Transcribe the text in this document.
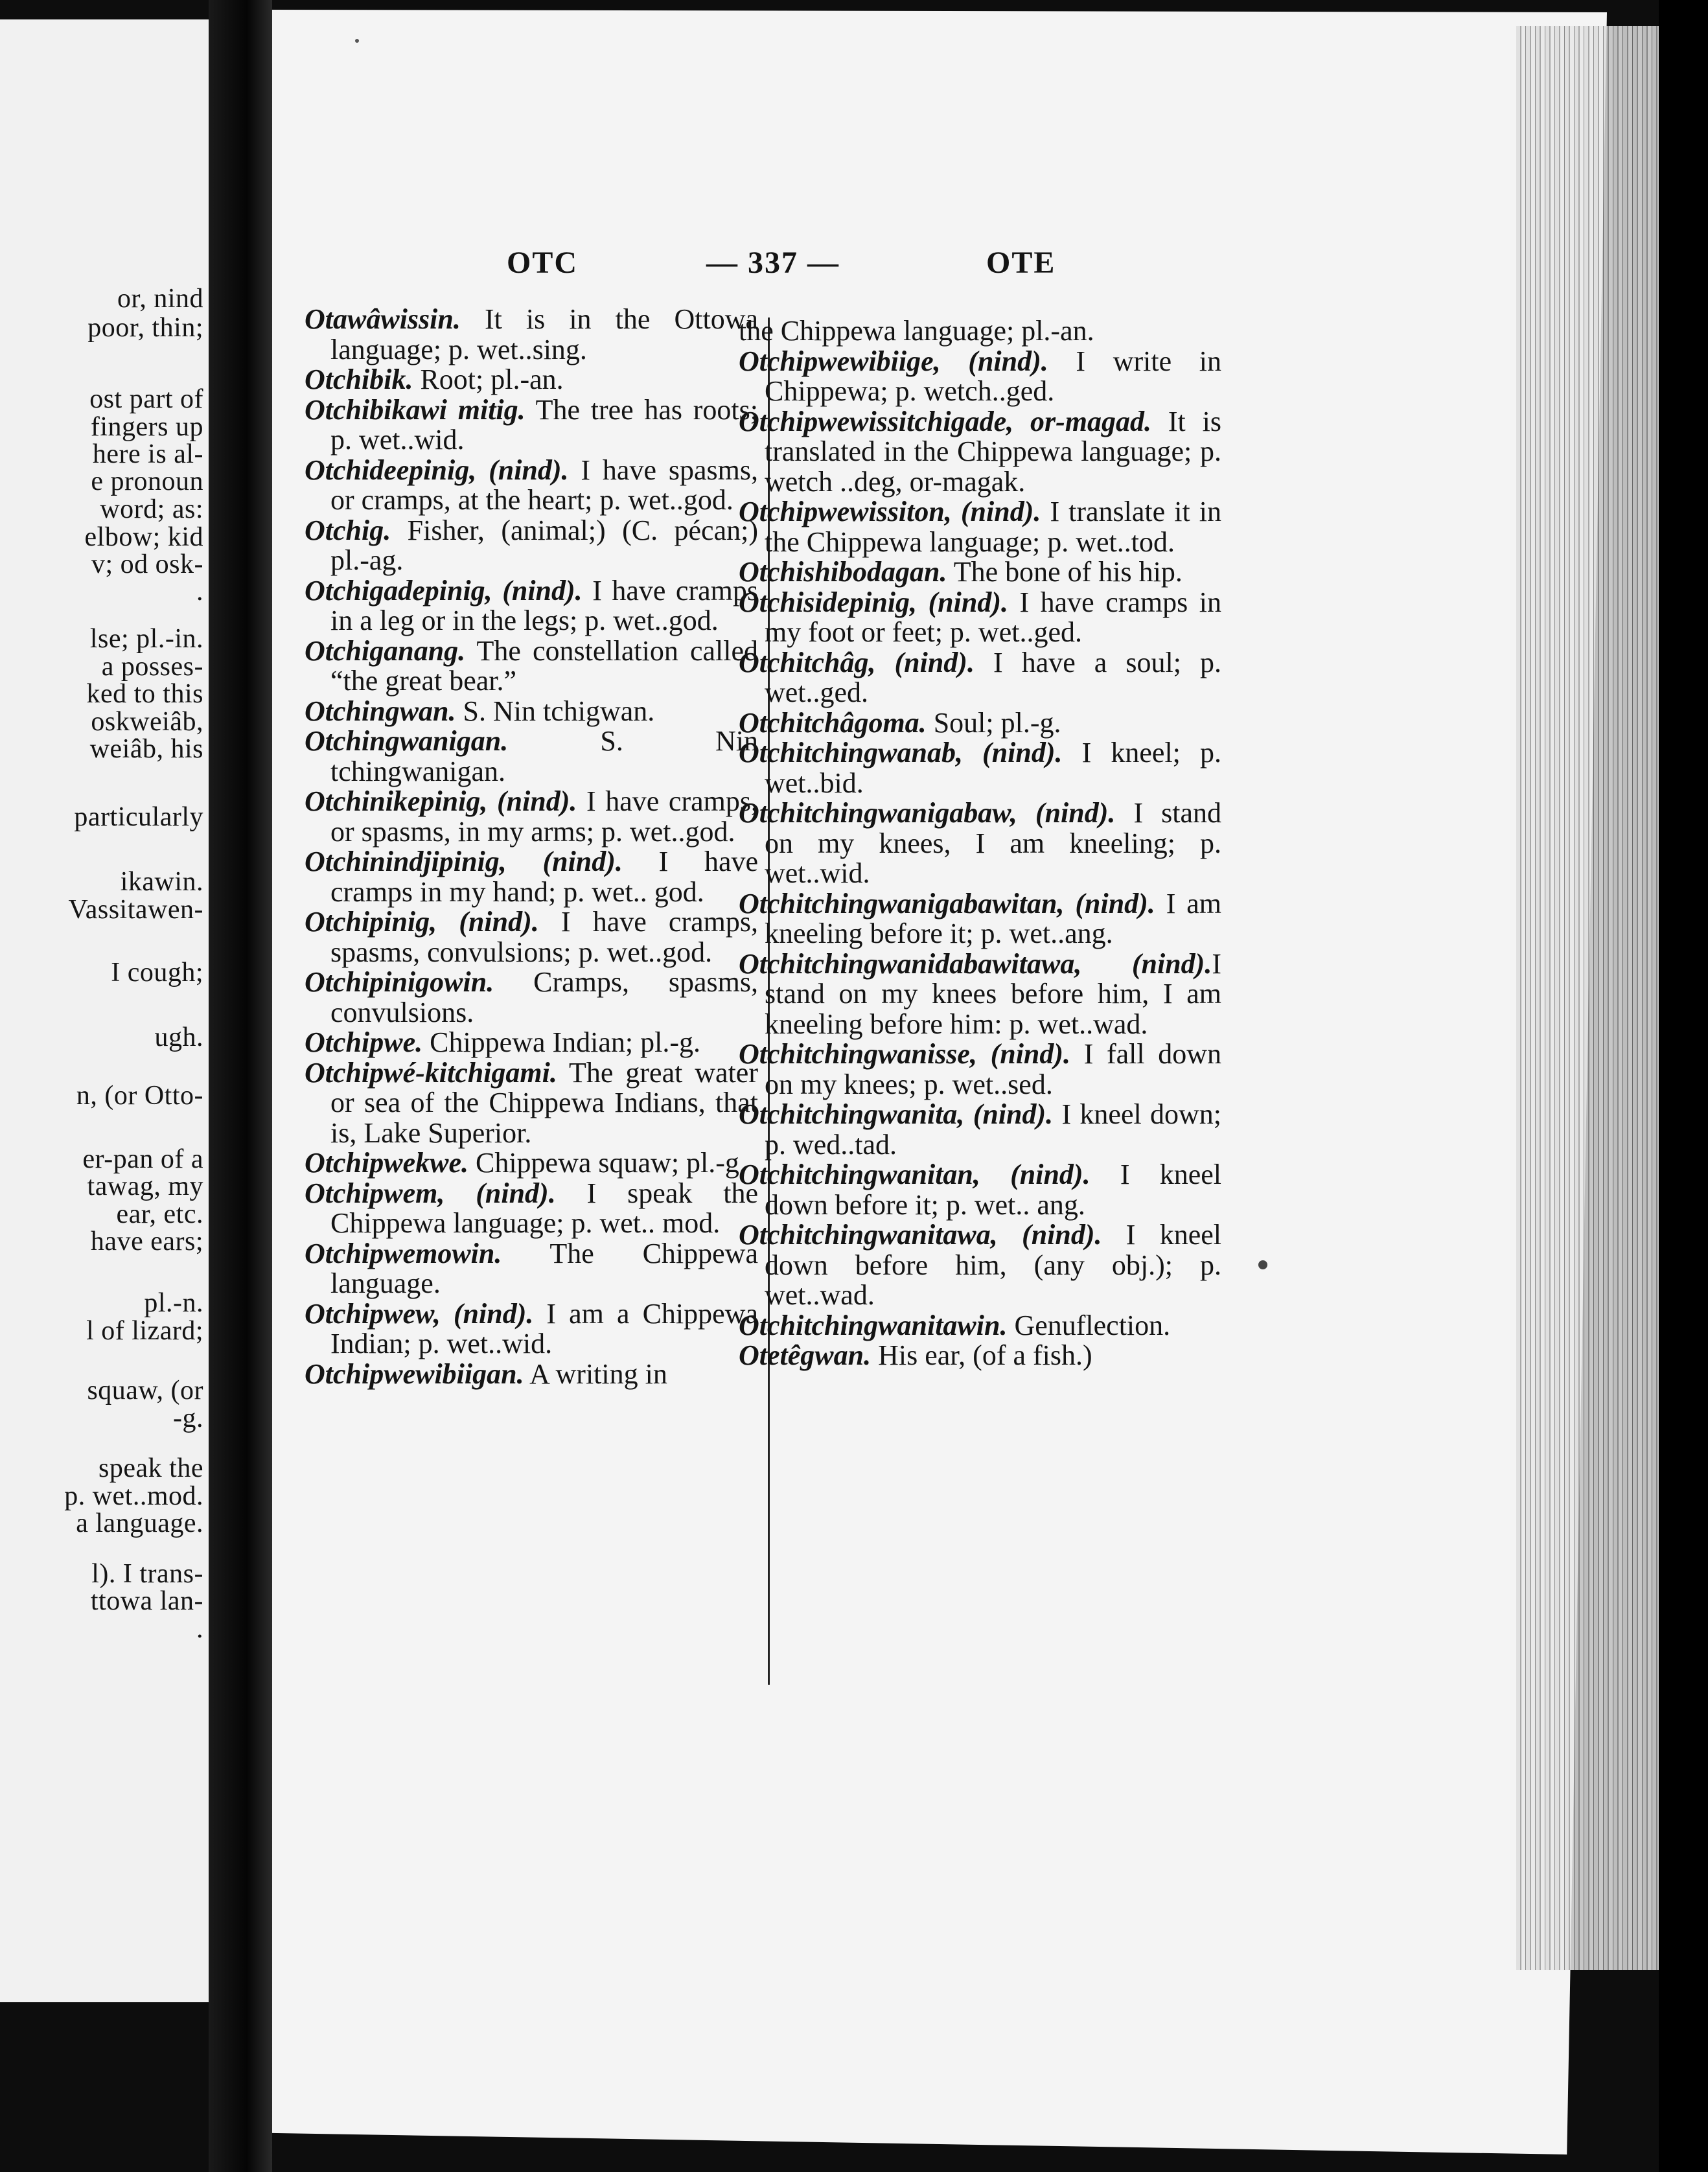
or, nind
poor, thin;
ost part of
fingers up
here is al-
e pronoun
word; as:
elbow; kid
v; od osk-
.
lse; pl.-in.
a posses-
ked to this
oskweiâb,
weiâb, his
particularly
ikawin.
Vassitawen-
I cough;
ugh.
n, (or Otto-
er-pan of a
tawag, my
ear, etc.
have ears;
pl.-n.
l of lizard;
squaw, (or
-g.
speak the
p. wet..mod.
a language.
l). I trans-
ttowa lan-
.
OTC	— 337 —	OTE

Otawâwissin. It is in the Ottowa language; p. wet..sing.

Otchibik. Root; pl.-an.

Otchibikawi mitig. The tree has roots; p. wet..wid.

Otchideepinig, (nind). I have spasms, or cramps, at the heart; p. wet..god.

Otchig. Fisher, (animal;) (C. pécan;) pl.-ag.

Otchigadepinig, (nind). I have cramps in a leg or in the legs; p. wet..god.

Otchiganang. The constellation called “the great bear.”

Otchingwan. S. Nin tchigwan.

Otchingwanigan. S. Nin tchingwanigan.

Otchinikepinig, (nind). I have cramps, or spasms, in my arms; p. wet..god.

Otchinindjipinig, (nind). I have cramps in my hand; p. wet.. god.

Otchipinig, (nind). I have cramps, spasms, convulsions; p. wet..god.

Otchipinigowin. Cramps, spasms, convulsions.

Otchipwe. Chippewa Indian; pl.-g.

Otchipwé-kitchigami. The great water or sea of the Chippewa Indians, that is, Lake Superior.

Otchipwekwe. Chippewa squaw; pl.-g.

Otchipwem, (nind). I speak the Chippewa language; p. wet.. mod.

Otchipwemowin. The Chippewa language.

Otchipwew, (nind). I am a Chippewa Indian; p. wet..wid.

Otchipwewibiigan. A writing in

the Chippewa language; pl.-an.

Otchipwewibiige, (nind). I write in Chippewa; p. wetch..ged.

Otchipwewissitchigade, or-magad. It is translated in the Chippewa language; p. wetch ..deg, or-magak.

Otchipwewissiton, (nind). I translate it in the Chippewa language; p. wet..tod.

Otchishibodagan. The bone of his hip.

Otchisidepinig, (nind). I have cramps in my foot or feet; p. wet..ged.

Otchitchâg, (nind). I have a soul; p. wet..ged.

Otchitchâgoma. Soul; pl.-g.

Otchitchingwanab, (nind). I kneel; p. wet..bid.

Otchitchingwanigabaw, (nind). I stand on my knees, I am kneeling; p. wet..wid.

Otchitchingwanigabawitan, (nind). I am kneeling before it; p. wet..ang.

Otchitchingwanidabawitawa, (nind).I stand on my knees before him, I am kneeling before him: p. wet..wad.

Otchitchingwanisse, (nind). I fall down on my knees; p. wet..sed.

Otchitchingwanita, (nind). I kneel down; p. wed..tad.

Otchitchingwanitan, (nind). I kneel down before it; p. wet.. ang.

Otchitchingwanitawa, (nind). I kneel down before him, (any obj.); p. wet..wad.

Otchitchingwanitawin. Genuflection.

Otetêgwan. His ear, (of a fish.)
